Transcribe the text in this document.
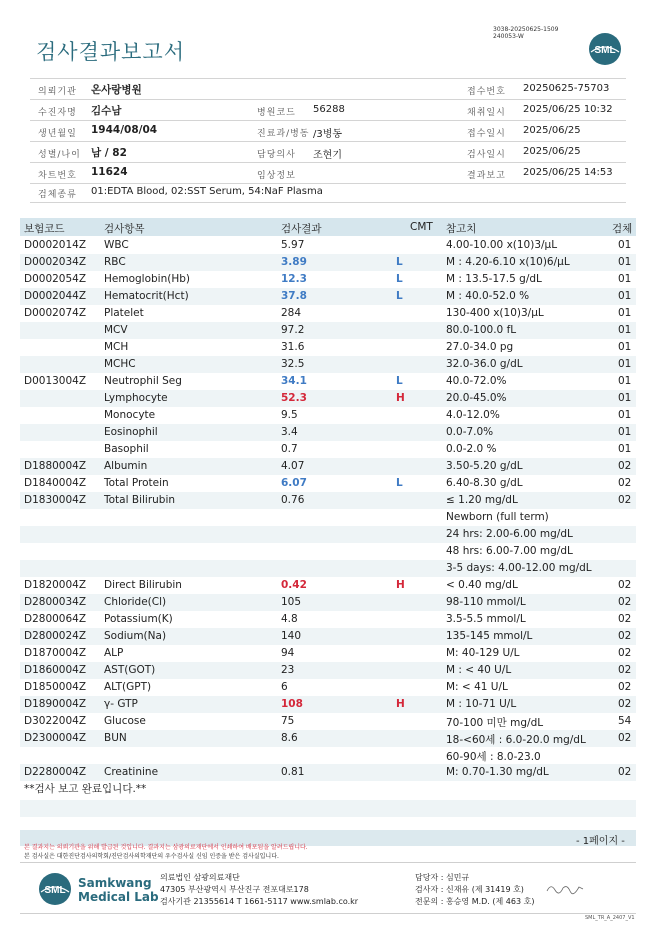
검사결과보고서
3038-20250625-1509
240053-W
SML
의뢰기관 온사랑병원	접수번호 20250625-75703
수진자명 김수남	병원코드 56288	채취일시 2025/06/25 10:32
생년월일 1944/08/04	진료과/병동 /3병동	접수일시 2025/06/25
성별/나이 남 / 82	담당의사 조현기	검사일시 2025/06/25
차트번호 11624	임상정보	결과보고 2025/06/25 14:53
검체종류 01:EDTA Blood, 02:SST Serum, 54:NaF Plasma
보험코드	검사항목	검사결과	CMT 참고치	검체
D0002014Z WBC	5.97	4.00-10.00 x(10)3/μL	01
D0002034Z RBC	3.89	L	M : 4.20-6.10 x(10)6/μL	01
D0002054Z Hemoglobin(Hb)	12.3	L	M : 13.5-17.5 g/dL	01
D0002044Z Hematocrit(Hct)	37.8	L	M : 40.0-52.0 %	01
D0002074Z Platelet	284	130-400 x(10)3/μL	01
MCV	97.2	80.0-100.0 fL	01
MCH	31.6	27.0-34.0 pg	01
MCHC	32.5	32.0-36.0 g/dL	01
D0013004Z Neutrophil Seg	34.1	L	40.0-72.0%	01
Lymphocyte	52.3	H	20.0-45.0%	01
Monocyte	9.5	4.0-12.0%	01
Eosinophil	3.4	0.0-7.0%	01
Basophil	0.7	0.0-2.0 %	01
D1880004Z Albumin	4.07	3.50-5.20 g/dL	02
D1840004Z Total Protein	6.07	L	6.40-8.30 g/dL	02
D1830004Z Total Bilirubin	0.76	≤ 1.20 mg/dL	02
Newborn (full term)
24 hrs: 2.00-6.00 mg/dL
48 hrs: 6.00-7.00 mg/dL
3-5 days: 4.00-12.00 mg/dL
D1820004Z Direct Bilirubin	0.42	H	< 0.40 mg/dL	02
D2800034Z Chloride(Cl)	105	98-110 mmol/L	02
D2800064Z Potassium(K)	4.8	3.5-5.5 mmol/L	02
D2800024Z Sodium(Na)	140	135-145 mmol/L	02
D1870004Z ALP	94	M: 40-129 U/L	02
D1860004Z AST(GOT)	23	M : < 40 U/L	02
D1850004Z ALT(GPT)	6	M: < 41 U/L	02
D1890004Z γ- GTP	108	H	M : 10-71 U/L	02
D3022004Z Glucose	75	70-100 미만 mg/dL	54
D2300004Z BUN	8.6	18-<60세 : 6.0-20.0 mg/dL	02
60-90세 : 8.0-23.0
D2280004Z Creatinine	0.81	M: 0.70-1.30 mg/dL	02
**검사 보고 완료입니다.**
본 결과지는 의뢰기관을 위해 발급된 것입니다. 결과지는 삼광의료재단에서 인쇄하여 배포됨을 알려드립니다.
본 검사실은 대한진단검사의학회/진단검사의학재단의 우수검사실 신임 인증을 받은 검사실입니다.
- 1페이지 -
SML
Samkwang
Medical Lab
의료법인 삼광의료재단
47305 부산광역시 부산진구 전포대로178
검사기관 21355614 T 1661-5117 www.smlab.co.kr
담당자 : 심민규
검사자 : 신재유 (제 31419 호)
전문의 : 홍승영 M.D. (제 463 호)
SML_TR_A_2407_V1
